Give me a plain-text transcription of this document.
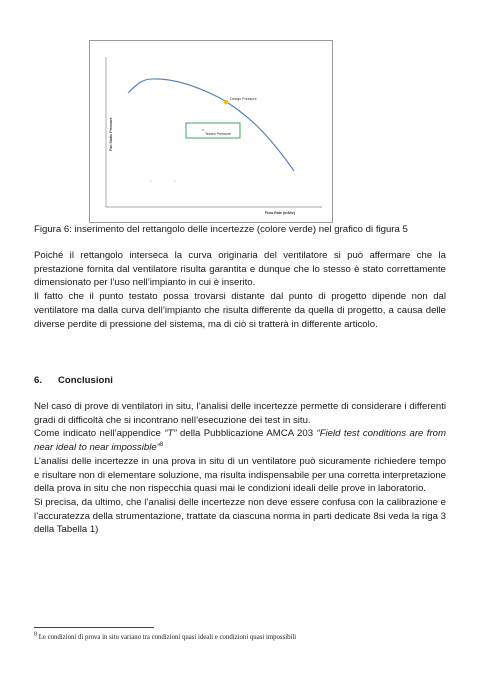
Design Pressure
Tested Pressure
Fan Static Pressure
Flow Rate (m3/hr)

Figura 6: inserimento del rettangolo delle incertezze (colore verde) nel grafico di figura 5

Poiché il rettangolo interseca la curva originaria del ventilatore si può affermare che la prestazione fornita dal ventilatore risulta garantita e dunque che lo stesso è stato correttamente dimensionato per l’uso nell’impianto in cui è inserito.
Il fatto che il punto testato possa trovarsi distante dal punto di progetto dipende non dal ventilatore ma dalla curva dell’impianto che risulta differente da quella di progetto, a causa delle diverse perdite di pressione del sistema, ma di ciò si tratterà in differente articolo.

6. Conclusioni

Nel caso di prove di ventilatori in situ, l’analisi delle incertezze permette di considerare i differenti gradi di difficoltà che si incontrano nell’esecuzione dei test in situ.
Come indicato nell’appendice “T” della Pubblicazione AMCA 203 “Field test conditions are from near ideal to near impossible”$^8$
L’analisi delle incertezze in una prova in situ di un ventilatore può sicuramente richiedere tempo e risultare non di elementare soluzione, ma risulta indispensabile per una corretta interpretazione della prova in situ che non rispecchia quasi mai le condizioni ideali delle prove in laboratorio.
Si precisa, da ultimo, che l’analisi delle incertezze non deve essere confusa con la calibrazione e l’accuratezza della strumentazione, trattate da ciascuna norma in parti dedicate 8si veda la riga 3 della Tabella 1)

$^8$ Le condizioni di prova in situ variano tra condizioni quasi ideali e condizioni quasi impossibili
